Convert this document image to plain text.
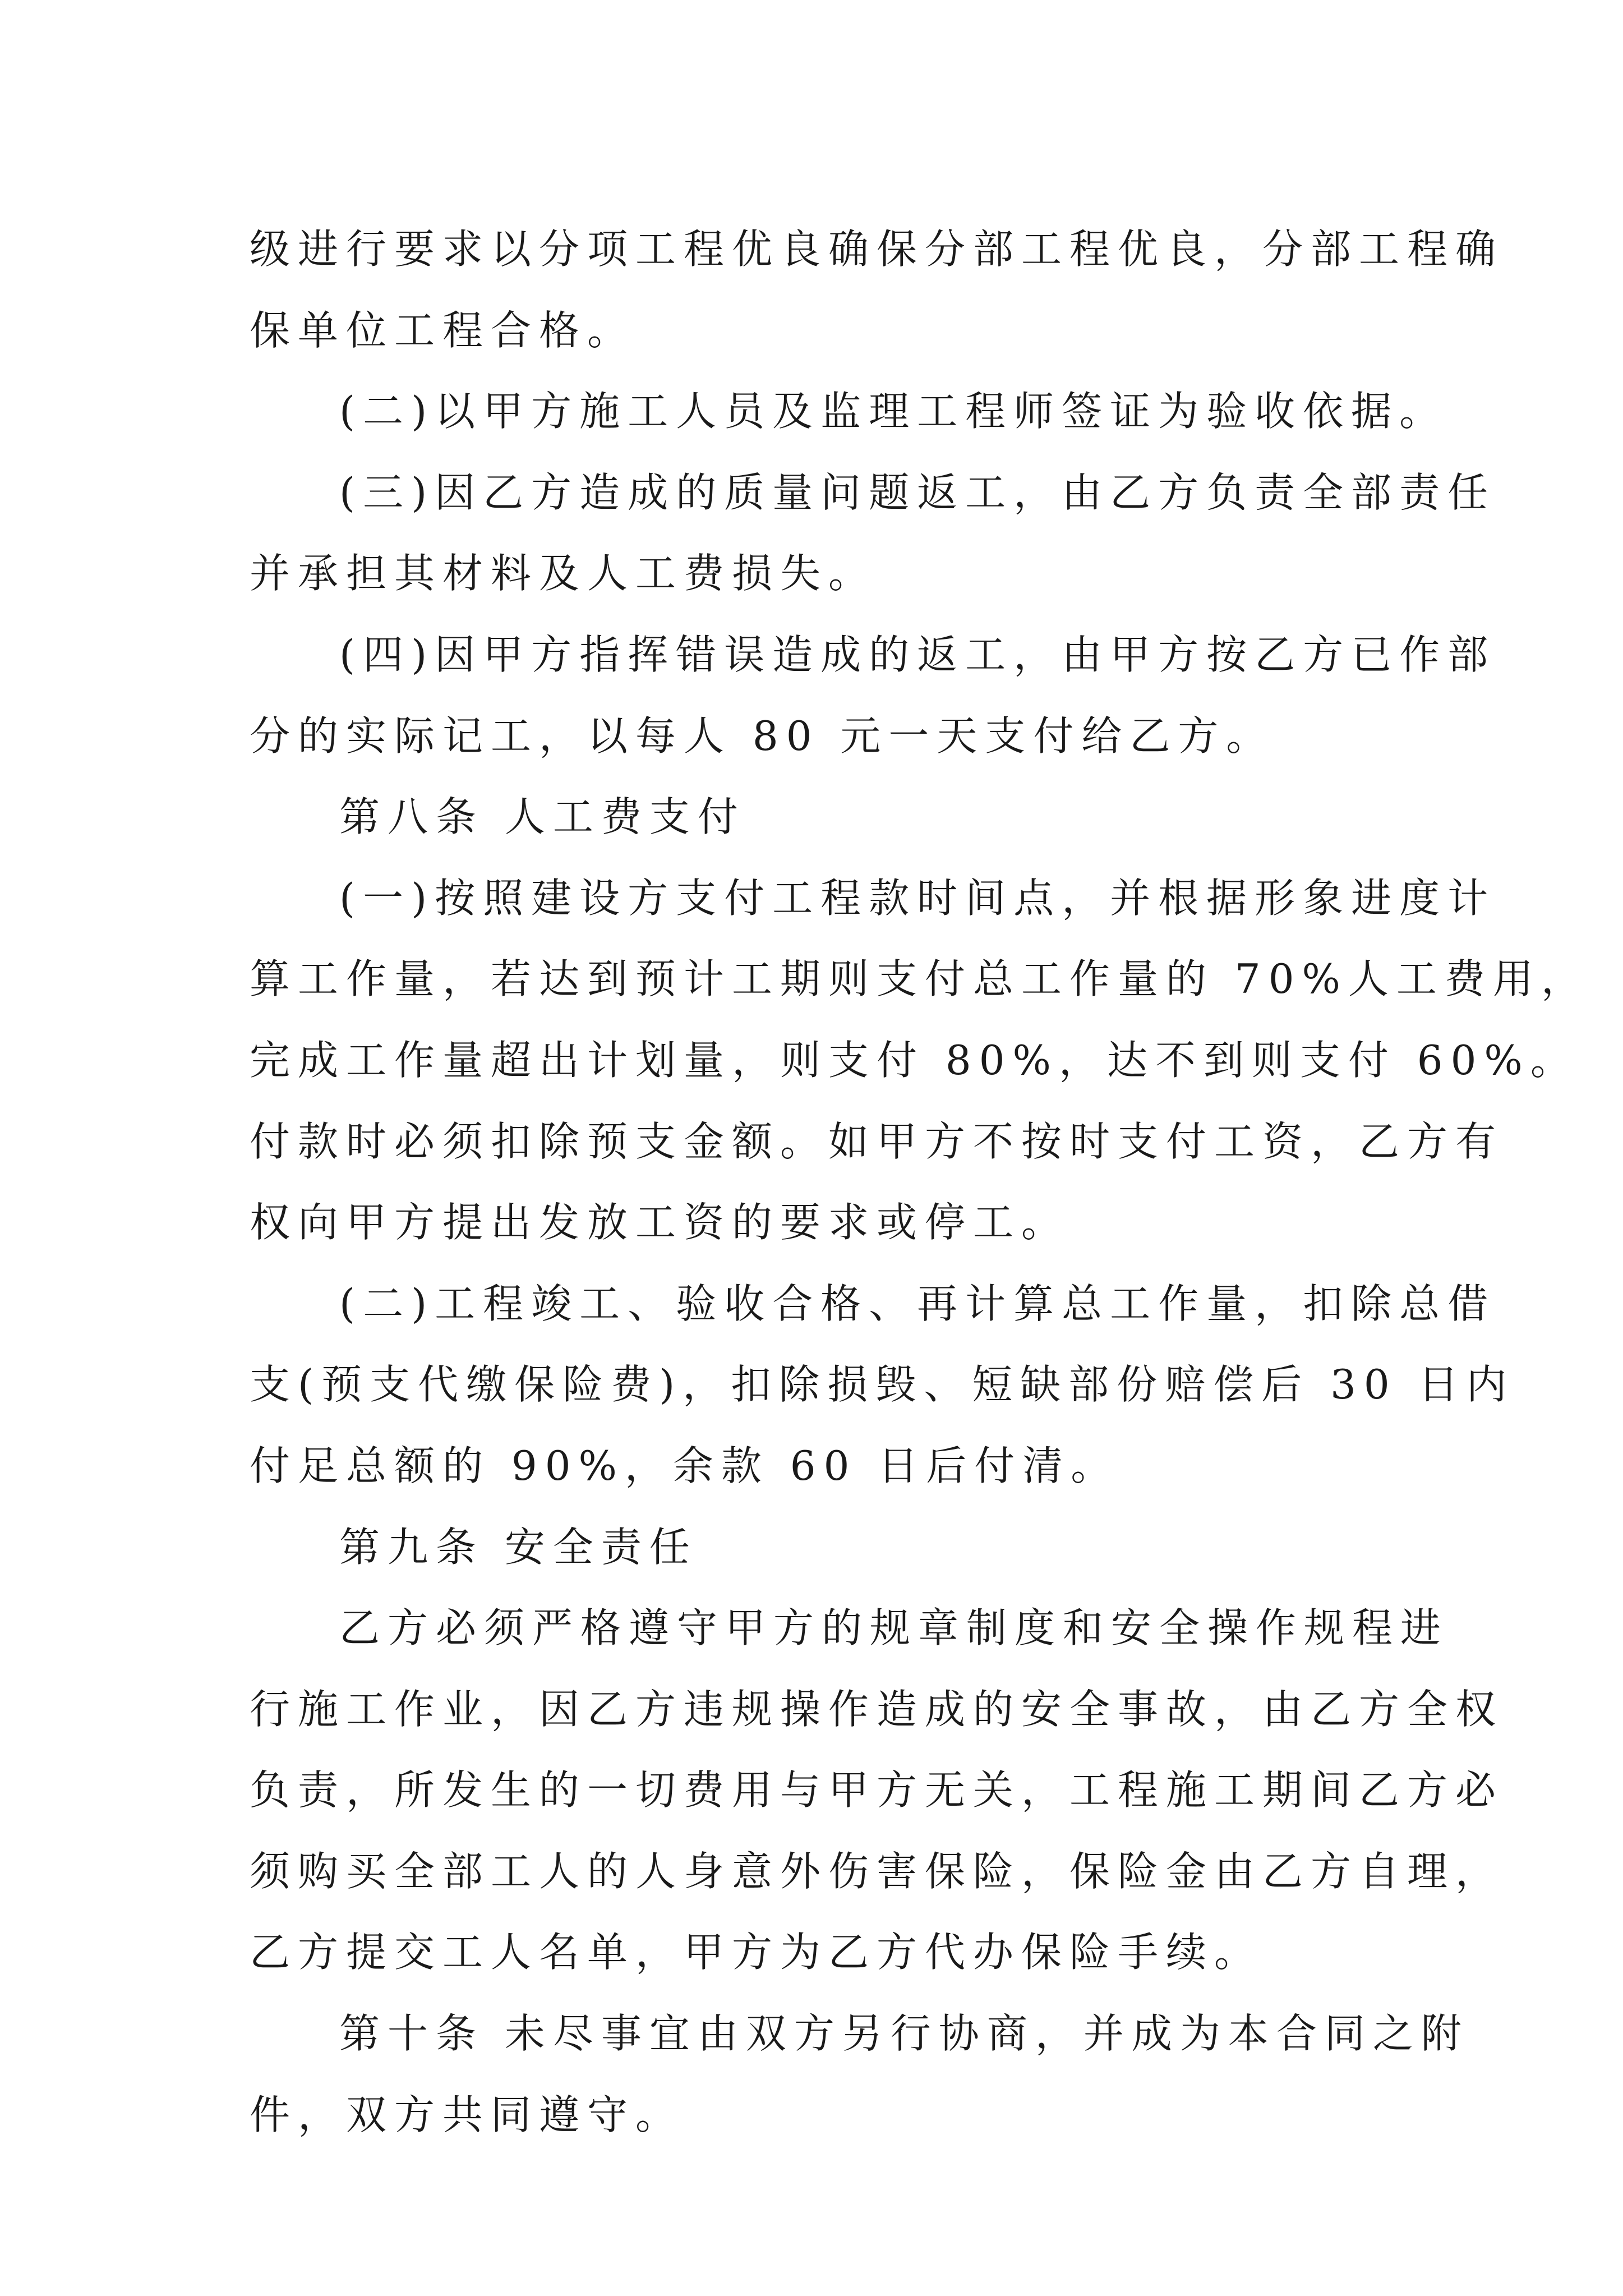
级进行要求以分项工程优良确保分部工程优良，分部工程确
保单位工程合格。
(二)以甲方施工人员及监理工程师签证为验收依据。
(三)因乙方造成的质量问题返工，由乙方负责全部责任
并承担其材料及人工费损失。
(四)因甲方指挥错误造成的返工，由甲方按乙方已作部
分的实际记工，以每人 80 元一天支付给乙方。
第八条 人工费支付
(一)按照建设方支付工程款时间点，并根据形象进度计
算工作量，若达到预计工期则支付总工作量的 70%人工费用，
完成工作量超出计划量，则支付 80%，达不到则支付 60%。
付款时必须扣除预支金额。如甲方不按时支付工资，乙方有
权向甲方提出发放工资的要求或停工。
(二)工程竣工、验收合格、再计算总工作量，扣除总借
支(预支代缴保险费)，扣除损毁、短缺部份赔偿后 30 日内
付足总额的 90%，余款 60 日后付清。
第九条 安全责任
乙方必须严格遵守甲方的规章制度和安全操作规程进
行施工作业，因乙方违规操作造成的安全事故，由乙方全权
负责，所发生的一切费用与甲方无关，工程施工期间乙方必
须购买全部工人的人身意外伤害保险，保险金由乙方自理，
乙方提交工人名单，甲方为乙方代办保险手续。
第十条 未尽事宜由双方另行协商，并成为本合同之附
件，双方共同遵守。
